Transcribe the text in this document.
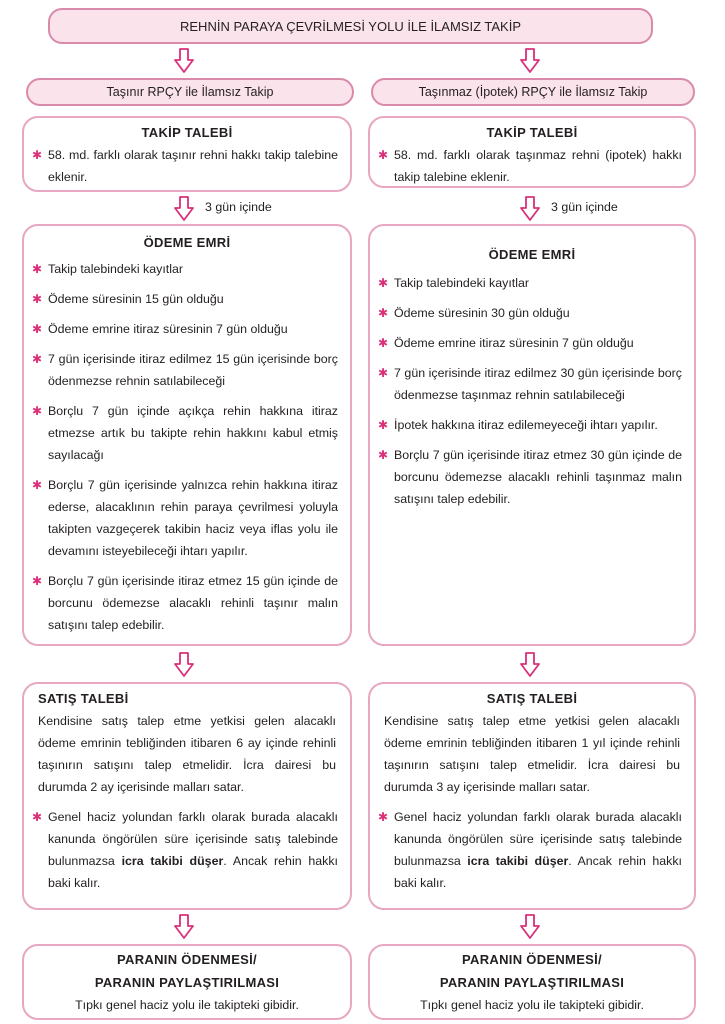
REHNİN PARAYA ÇEVRİLMESİ YOLU İLE İLAMSIZ TAKİP
Taşınır RPÇY ile İlamsız Takip	Taşınmaz (İpotek) RPÇY ile İlamsız Takip
TAKİP TALEBİ
✱ 58. md. farklı olarak taşınır rehni hakkı takip talebine eklenir.
TAKİP TALEBİ
✱ 58. md. farklı olarak taşınmaz rehni (ipotek) hakkı takip talebine eklenir.
3 gün içinde	3 gün içinde
ÖDEME EMRİ
✱ Takip talebindeki kayıtlar
✱ Ödeme süresinin 15 gün olduğu
✱ Ödeme emrine itiraz süresinin 7 gün olduğu
✱ 7 gün içerisinde itiraz edilmez 15 gün içerisinde borç ödenmezse rehnin satılabileceği
✱ Borçlu 7 gün içinde açıkça rehin hakkına itiraz etmezse artık bu takipte rehin hakkını kabul etmiş sayılacağı
✱ Borçlu 7 gün içerisinde yalnızca rehin hakkına itiraz ederse, alacaklının rehin paraya çevrilmesi yoluyla takipten vazgeçerek takibin haciz veya iflas yolu ile devamını isteyebileceği ihtarı yapılır.
✱ Borçlu 7 gün içerisinde itiraz etmez 15 gün içinde de borcunu ödemezse alacaklı rehinli taşınır malın satışını talep edebilir.
ÖDEME EMRİ
✱ Takip talebindeki kayıtlar
✱ Ödeme süresinin 30 gün olduğu
✱ Ödeme emrine itiraz süresinin 7 gün olduğu
✱ 7 gün içerisinde itiraz edilmez 30 gün içerisinde borç ödenmezse taşınmaz rehnin satılabileceği
✱ İpotek hakkına itiraz edilemeyeceği ihtarı yapılır.
✱ Borçlu 7 gün içerisinde itiraz etmez 30 gün içinde de borcunu ödemezse alacaklı rehinli taşınmaz malın satışını talep edebilir.
SATIŞ TALEBİ
Kendisine satış talep etme yetkisi gelen alacaklı ödeme emrinin tebliğinden itibaren 6 ay içinde rehinli taşınırın satışını talep etmelidir. İcra dairesi bu durumda 2 ay içerisinde malları satar.
✱ Genel haciz yolundan farklı olarak burada alacaklı kanunda öngörülen süre içerisinde satış talebinde bulunmazsa icra takibi düşer. Ancak rehin hakkı baki kalır.
SATIŞ TALEBİ
Kendisine satış talep etme yetkisi gelen alacaklı ödeme emrinin tebliğinden itibaren 1 yıl içinde rehinli taşınırın satışını talep etmelidir. İcra dairesi bu durumda 3 ay içerisinde malları satar.
✱ Genel haciz yolundan farklı olarak burada alacaklı kanunda öngörülen süre içerisinde satış talebinde bulunmazsa icra takibi düşer. Ancak rehin hakkı baki kalır.
PARANIN ÖDENMESİ/
PARANIN PAYLAŞTIRILMASI
Tıpkı genel haciz yolu ile takipteki gibidir.
PARANIN ÖDENMESİ/
PARANIN PAYLAŞTIRILMASI
Tıpkı genel haciz yolu ile takipteki gibidir.
